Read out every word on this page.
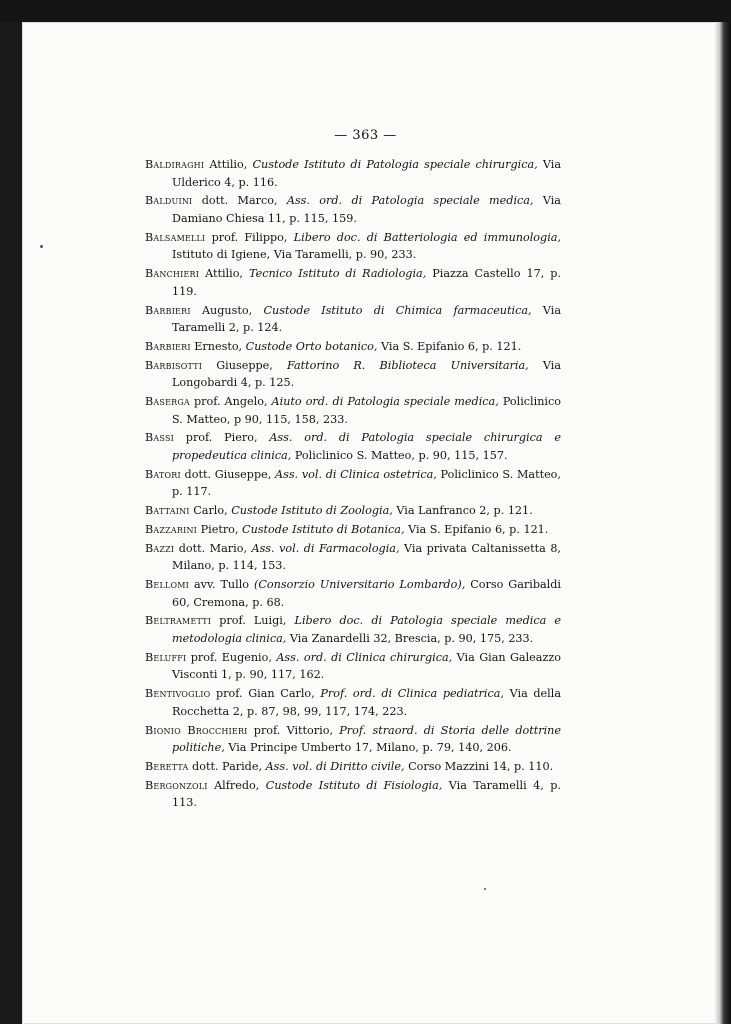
— 363 —

Baldiraghi Attilio, Custode Istituto di Patologia speciale chirurgica, Via Ulderico 4, p. 116.

Balduini dott. Marco, Ass. ord. di Patologia speciale medica, Via Damiano Chiesa 11, p. 115, 159.

Balsamelli prof. Filippo, Libero doc. di Batteriologia ed immunologia, Istituto di Igiene, Via Taramelli, p. 90, 233.

Banchieri Attilio, Tecnico Istituto di Radiologia, Piazza Castello 17, p. 119.

Barbieri Augusto, Custode Istituto di Chimica farmaceutica, Via Taramelli 2, p. 124.

Barbieri Ernesto, Custode Orto botanico, Via S. Epifanio 6, p. 121.

Barbisotti Giuseppe, Fattorino R. Biblioteca Universitaria, Via Longobardi 4, p. 125.

Baserga prof. Angelo, Aiuto ord. di Patologia speciale medica, Policlinico S. Matteo, p 90, 115, 158, 233.

Bassi prof. Piero, Ass. ord. di Patologia speciale chirurgica e propedeutica clinica, Policlinico S. Matteo, p. 90, 115, 157.

Batori dott. Giuseppe, Ass. vol. di Clinica ostetrica, Policlinico S. Matteo, p. 117.

Battaini Carlo, Custode Istituto di Zoologia, Via Lanfranco 2, p. 121.

Bazzarini Pietro, Custode Istituto di Botanica, Via S. Epifanio 6, p. 121.

Bazzi dott. Mario, Ass. vol. di Farmacologia, Via privata Caltanissetta 8, Milano, p. 114, 153.

Bellomi avv. Tullo (Consorzio Universitario Lombardo), Corso Garibaldi 60, Cremona, p. 68.

Beltrametti prof. Luigi, Libero doc. di Patologia speciale medica e metodologia clinica, Via Zanardelli 32, Brescia, p. 90, 175, 233.

Beluffi prof. Eugenio, Ass. ord. di Clinica chirurgica, Via Gian Galeazzo Visconti 1, p. 90, 117, 162.

Bentivoglio prof. Gian Carlo, Prof. ord. di Clinica pediatrica, Via della Rocchetta 2, p. 87, 98, 99, 117, 174, 223.

Bionio Brocchieri prof. Vittorio, Prof. straord. di Storia delle dottrine politiche, Via Principe Umberto 17, Milano, p. 79, 140, 206.

Beretta dott. Paride, Ass. vol. di Diritto civile, Corso Mazzini 14, p. 110.

Bergonzoli Alfredo, Custode Istituto di Fisiologia, Via Taramelli 4, p. 113.
